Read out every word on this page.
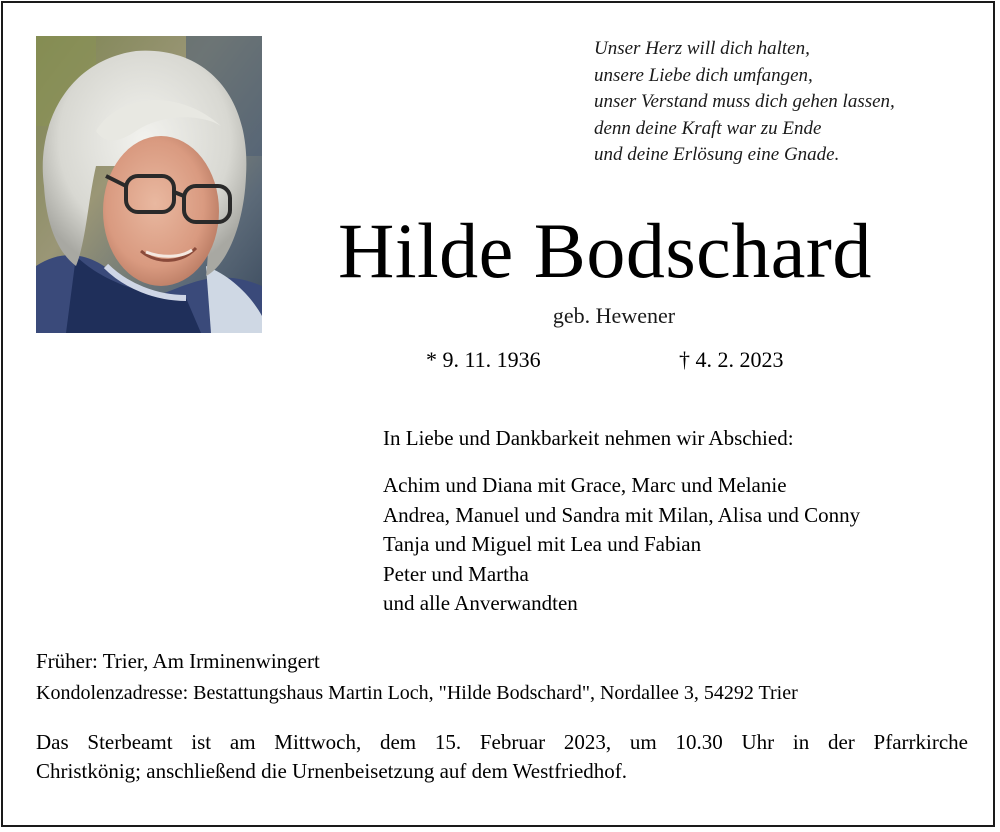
Unser Herz will dich halten,
unsere Liebe dich umfangen,
unser Verstand muss dich gehen lassen,
denn deine Kraft war zu Ende
und deine Erlösung eine Gnade.
Hilde Bodschard
geb. Hewener
* 9. 11. 1936	† 4. 2. 2023
In Liebe und Dankbarkeit nehmen wir Abschied:
Achim und Diana mit Grace, Marc und Melanie
Andrea, Manuel und Sandra mit Milan, Alisa und Conny
Tanja und Miguel mit Lea und Fabian
Peter und Martha
und alle Anverwandten
Früher: Trier, Am Irminenwingert
Kondolenzadresse: Bestattungshaus Martin Loch, "Hilde Bodschard", Nordallee 3, 54292 Trier
Das Sterbeamt ist am Mittwoch, dem 15. Februar 2023, um 10.30 Uhr in der Pfarrkirche
Christkönig; anschließend die Urnenbeisetzung auf dem Westfriedhof.
